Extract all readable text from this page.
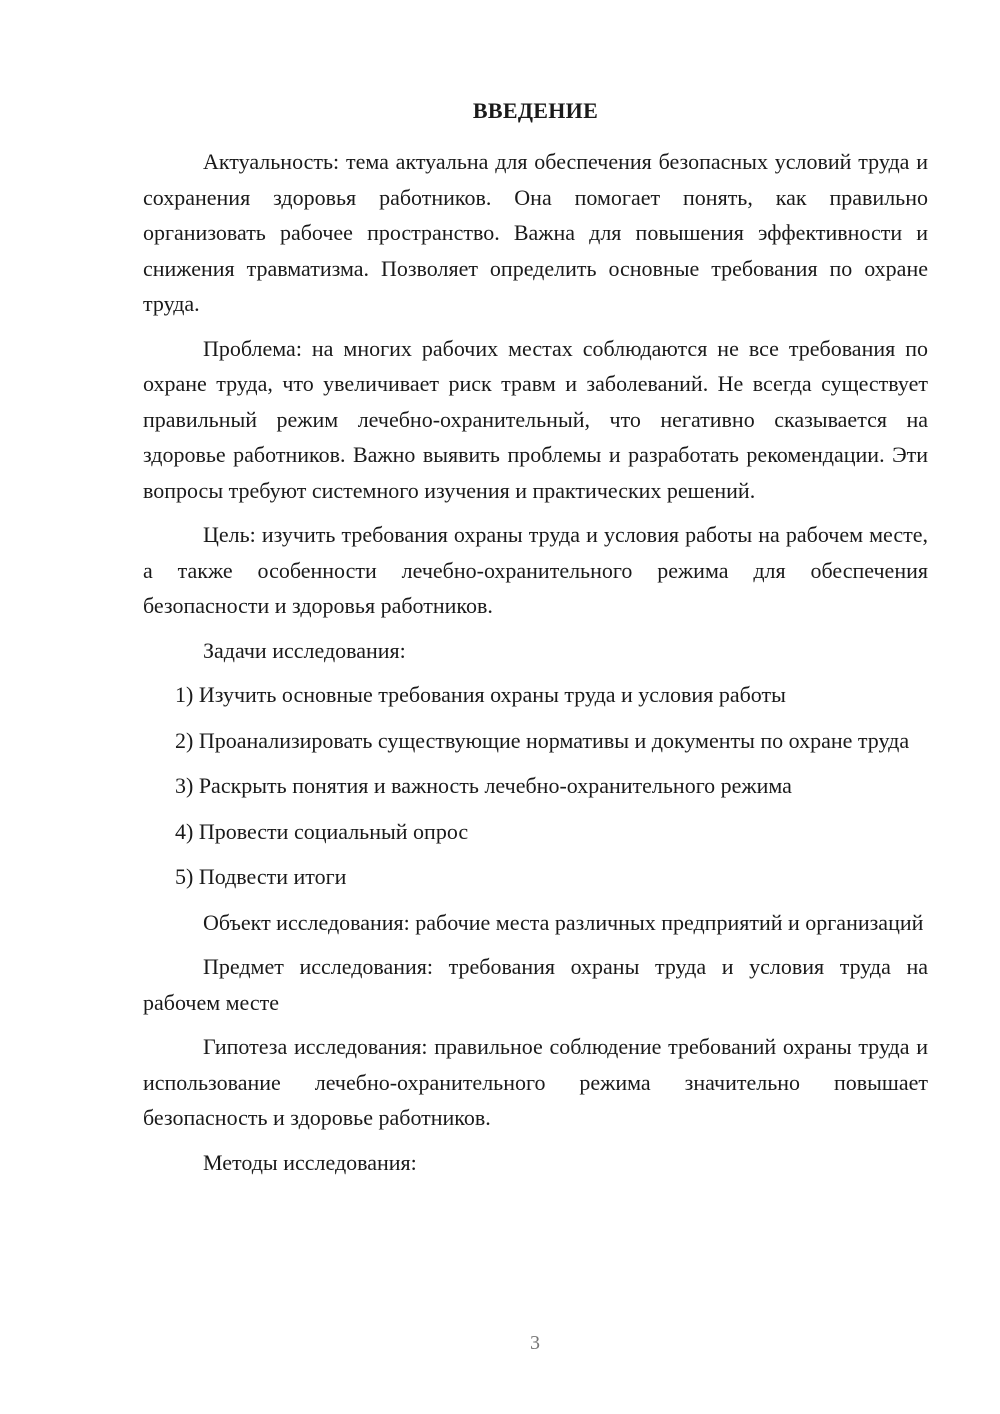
ВВЕДЕНИЕ

Актуальность: тема актуальна для обеспечения безопасных условий труда и сохранения здоровья работников. Она помогает понять, как правильно организовать рабочее пространство. Важна для повышения эффективности и снижения травматизма. Позволяет определить основные требования по охране труда.

Проблема: на многих рабочих местах соблюдаются не все требования по охране труда, что увеличивает риск травм и заболеваний. Не всегда существует правильный режим лечебно-охранительный, что негативно сказывается на здоровье работников. Важно выявить проблемы и разработать рекомендации. Эти вопросы требуют системного изучения и практических решений.

Цель: изучить требования охраны труда и условия работы на рабочем месте, а также особенности лечебно-охранительного режима для обеспечения безопасности и здоровья работников.

Задачи исследования:

1) Изучить основные требования охраны труда и условия работы

2) Проанализировать существующие нормативы и документы по охране труда

3) Раскрыть понятия и важность лечебно-охранительного режима

4) Провести социальный опрос

5) Подвести итоги

Объект исследования: рабочие места различных предприятий и организаций

Предмет исследования: требования охраны труда и условия труда на рабочем месте

Гипотеза исследования: правильное соблюдение требований охраны труда и использование лечебно-охранительного режима значительно повышает безопасность и здоровье работников.

Методы исследования:

3
